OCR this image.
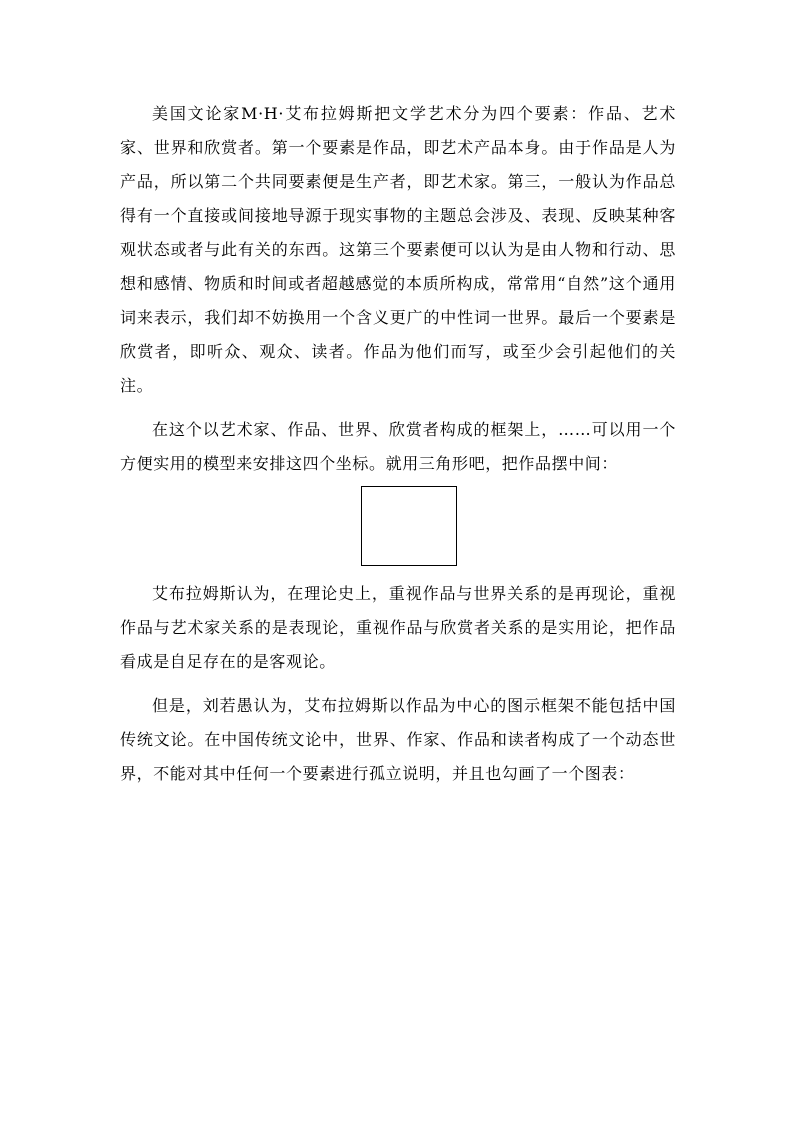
美国文论家M·H·艾布拉姆斯把文学艺术分为四个要素：作品、艺术家、世界和欣赏者。第一个要素是作品，即艺术产品本身。由于作品是人为产品，所以第二个共同要素便是生产者，即艺术家。第三，一般认为作品总得有一个直接或间接地导源于现实事物的主题总会涉及、表现、反映某种客观状态或者与此有关的东西。这第三个要素便可以认为是由人物和行动、思想和感情、物质和时间或者超越感觉的本质所构成，常常用“自然”这个通用词来表示，我们却不妨换用一个含义更广的中性词一世界。最后一个要素是欣赏者，即听众、观众、读者。作品为他们而写，或至少会引起他们的关注。

在这个以艺术家、作品、世界、欣赏者构成的框架上，……可以用一个方便实用的模型来安排这四个坐标。就用三角形吧，把作品摆中间：

艾布拉姆斯认为，在理论史上，重视作品与世界关系的是再现论，重视作品与艺术家关系的是表现论，重视作品与欣赏者关系的是实用论，把作品看成是自足存在的是客观论。

但是，刘若愚认为，艾布拉姆斯以作品为中心的图示框架不能包括中国传统文论。在中国传统文论中，世界、作家、作品和读者构成了一个动态世界，不能对其中任何一个要素进行孤立说明，并且也勾画了一个图表：
